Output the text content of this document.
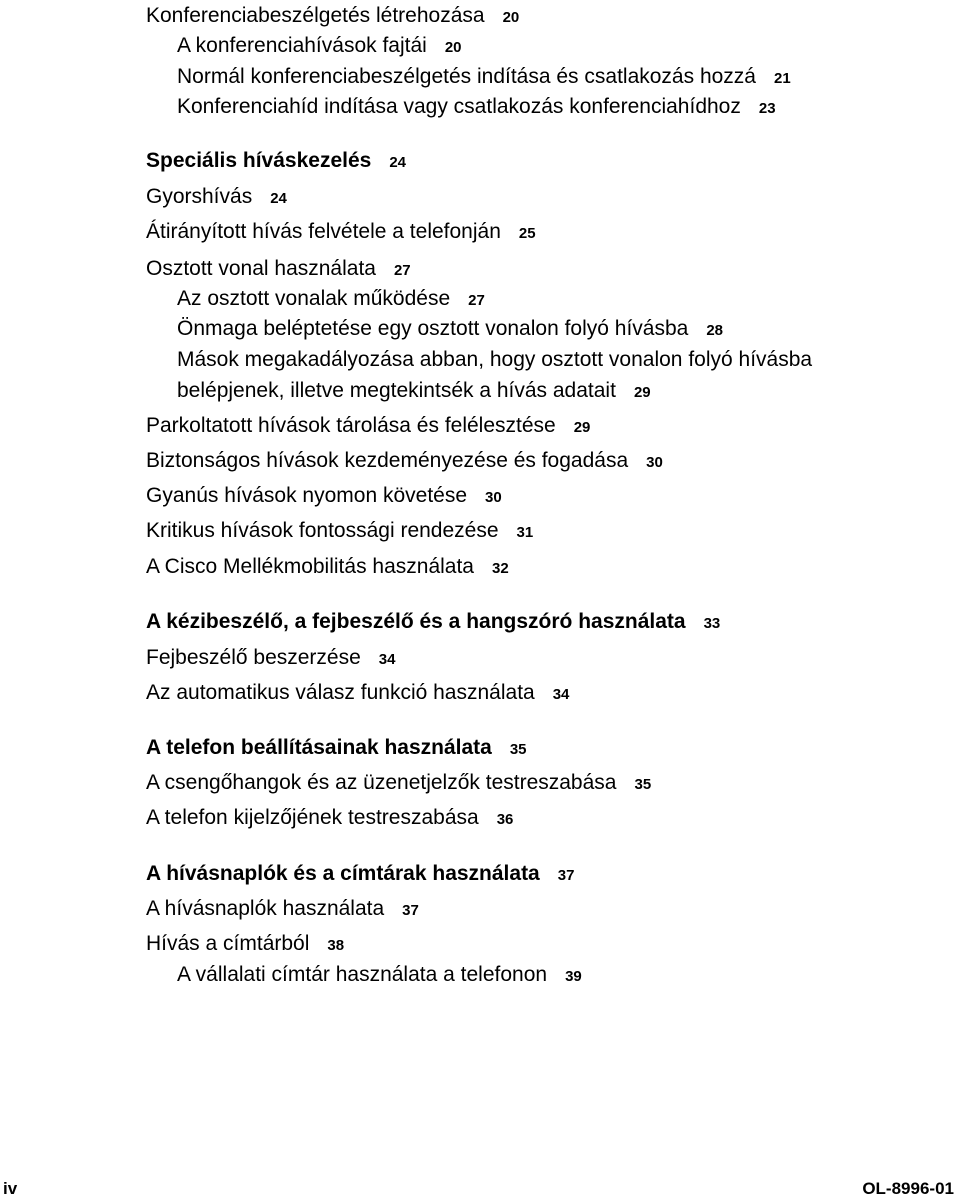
Konferenciabeszélgetés létrehozása 20
A konferenciahívások fajtái 20
Normál konferenciabeszélgetés indítása és csatlakozás hozzá 21
Konferenciahíd indítása vagy csatlakozás konferenciahídhoz 23
Speciális híváskezelés 24
Gyorshívás 24
Átirányított hívás felvétele a telefonján 25
Osztott vonal használata 27
Az osztott vonalak működése 27
Önmaga beléptetése egy osztott vonalon folyó hívásba 28
Mások megakadályozása abban, hogy osztott vonalon folyó hívásba belépjenek, illetve megtekintsék a hívás adatait 29
Parkoltatott hívások tárolása és felélesztése 29
Biztonságos hívások kezdeményezése és fogadása 30
Gyanús hívások nyomon követése 30
Kritikus hívások fontossági rendezése 31
A Cisco Mellékmobilitás használata 32
A kézibeszélő, a fejbeszélő és a hangszóró használata 33
Fejbeszélő beszerzése 34
Az automatikus válasz funkció használata 34
A telefon beállításainak használata 35
A csengőhangok és az üzenetjelzők testreszabása 35
A telefon kijelzőjének testreszabása 36
A hívásnaplók és a címtárak használata 37
A hívásnaplók használata 37
Hívás a címtárból 38
A vállalati címtár használata a telefonon 39
iv	OL-8996-01
